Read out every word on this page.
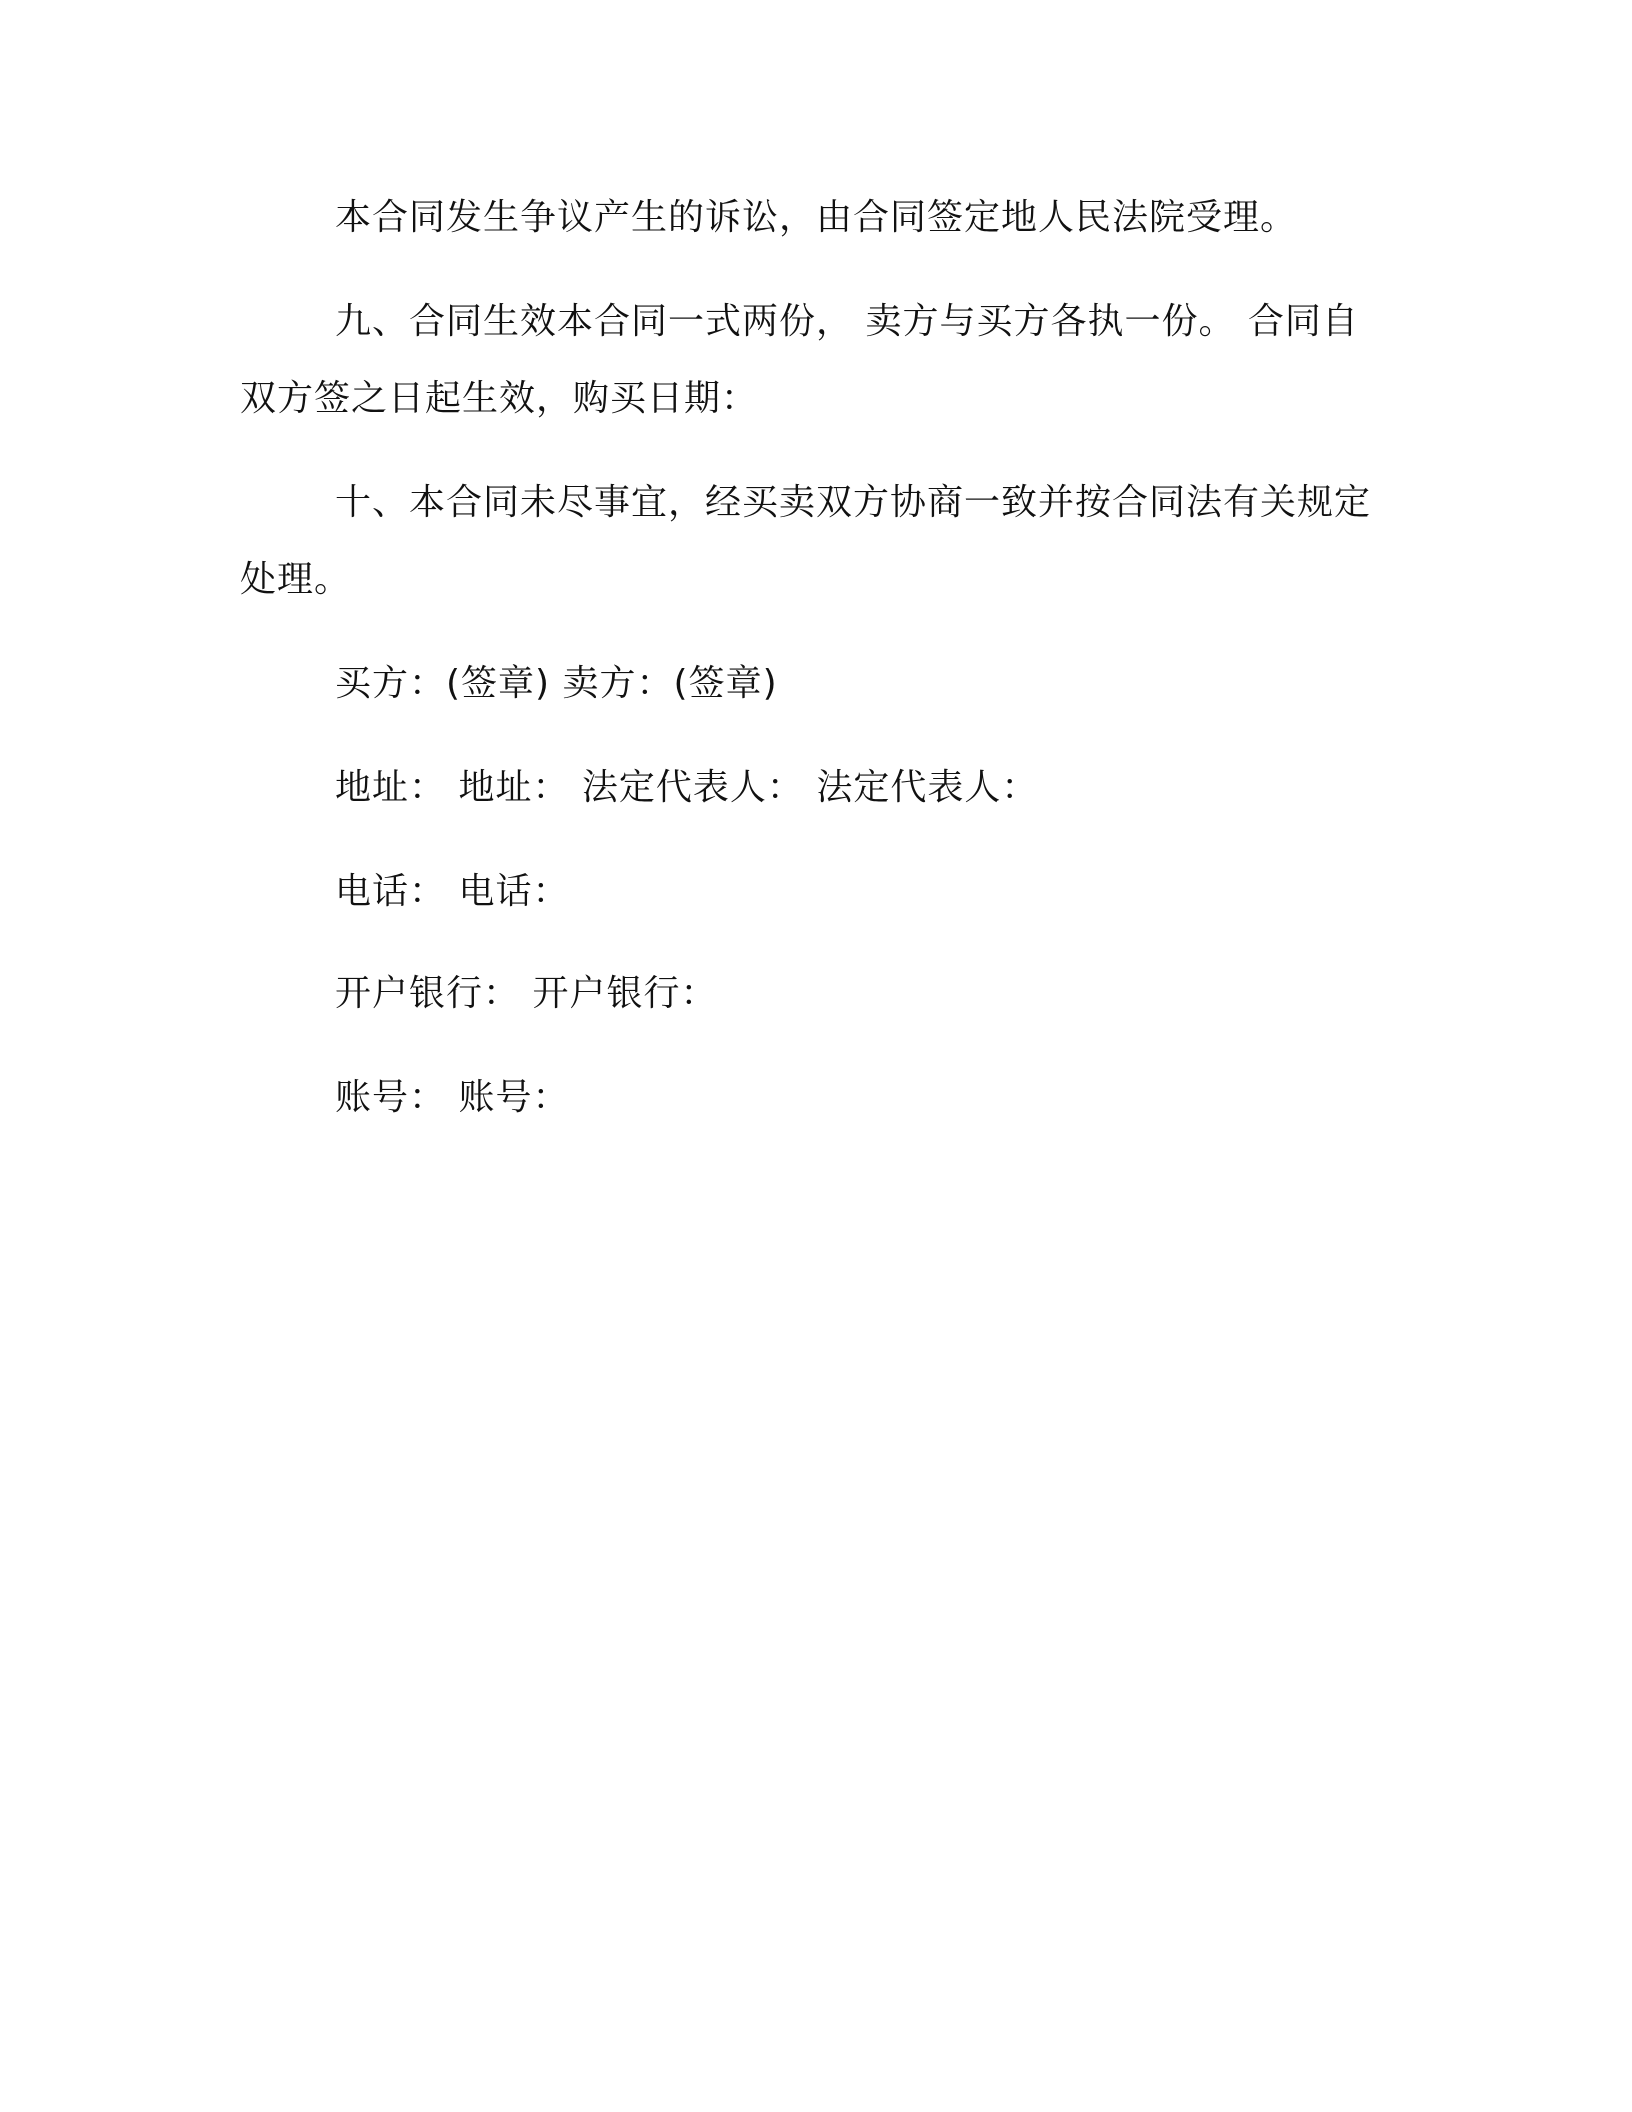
本合同发生争议产生的诉讼，由合同签定地人民法院受理。
九、合同生效本合同一式两份， 卖方与买方各执一份。 合同自
双方签之日起生效，购买日期：
十、本合同未尽事宜，经买卖双方协商一致并按合同法有关规定
处理。
买方：(签章) 卖方：(签章)
地址： 地址： 法定代表人： 法定代表人：
电话： 电话：
开户银行： 开户银行：
账号： 账号：
